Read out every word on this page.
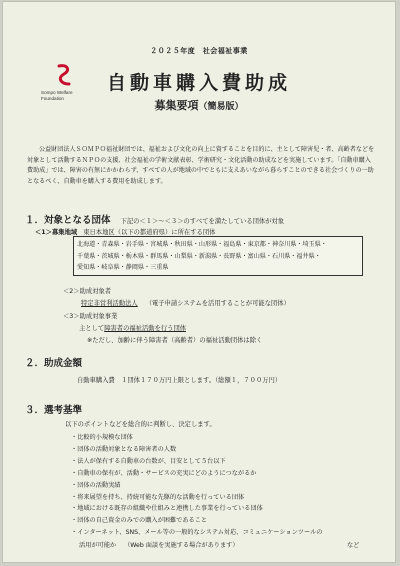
２０２５年度　社会福祉事業
Sompo Welfare
Foundation
自動車購入費助成
募集要項（簡易版）

公益財団法人ＳＯＭＰＯ福祉財団では、福祉および文化の向上に資することを目的に、主として障害児・者、高齢者などを対象として活動するＮＰＯの支援、社会福祉の学術文献表彰、学術研究・文化活動の助成などを実施しています。「自動車購入費助成」では、障害の有無にかかわらず、すべての人が地域の中でともに支えあいながら暮らすことのできる社会づくりの一助となるべく、自動車を購入する費用を助成します。

１．対象となる団体 下記の＜１＞～＜３＞のすべてを満たしている団体が対象
＜1＞募集地域 東日本地区（以下の都道府県）に所在する団体
北海道・青森県・岩手県・宮城県・秋田県・山形県・福島県・東京都・神奈川県・埼玉県・
千葉県・茨城県・栃木県・群馬県・山梨県・新潟県・長野県・富山県・石川県・福井県・
愛知県・岐阜県・静岡県・三重県
＜2＞助成対象者
特定非営利活動法人 （電子申請システムを活用することが可能な団体）
＜3＞助成対象事業
主として障害者の福祉活動を行う団体
※ただし、加齢に伴う障害者（高齢者）の福祉活動団体は除く
２．助成金額
自動車購入費　１団体１７０万円上限とします。（総額１，７００万円）
３．選考基準
以下のポイントなどを総合的に判断し、決定します。
・ 比較的小規模な団体
・ 団体の活動対象となる障害者の人数
・ 法人が保有する自動車の台数が、目安として５台以下
・ 自動車の保有が、活動・サービスの充実にどのようにつながるか
・ 団体の活動実績
・ 将来展望を持ち、持続可能な先駆的な活動を行っている団体
・ 地域における既存の組織や仕組みと連携した事業を行っている団体
・ 団体の自己資金のみでの購入が困難であること
・ インターネット、SNS、メール等の一般的なシステム対応、コミュニケーションツールの
活用が可能か （Web 面談を実施する場合があります）	など
